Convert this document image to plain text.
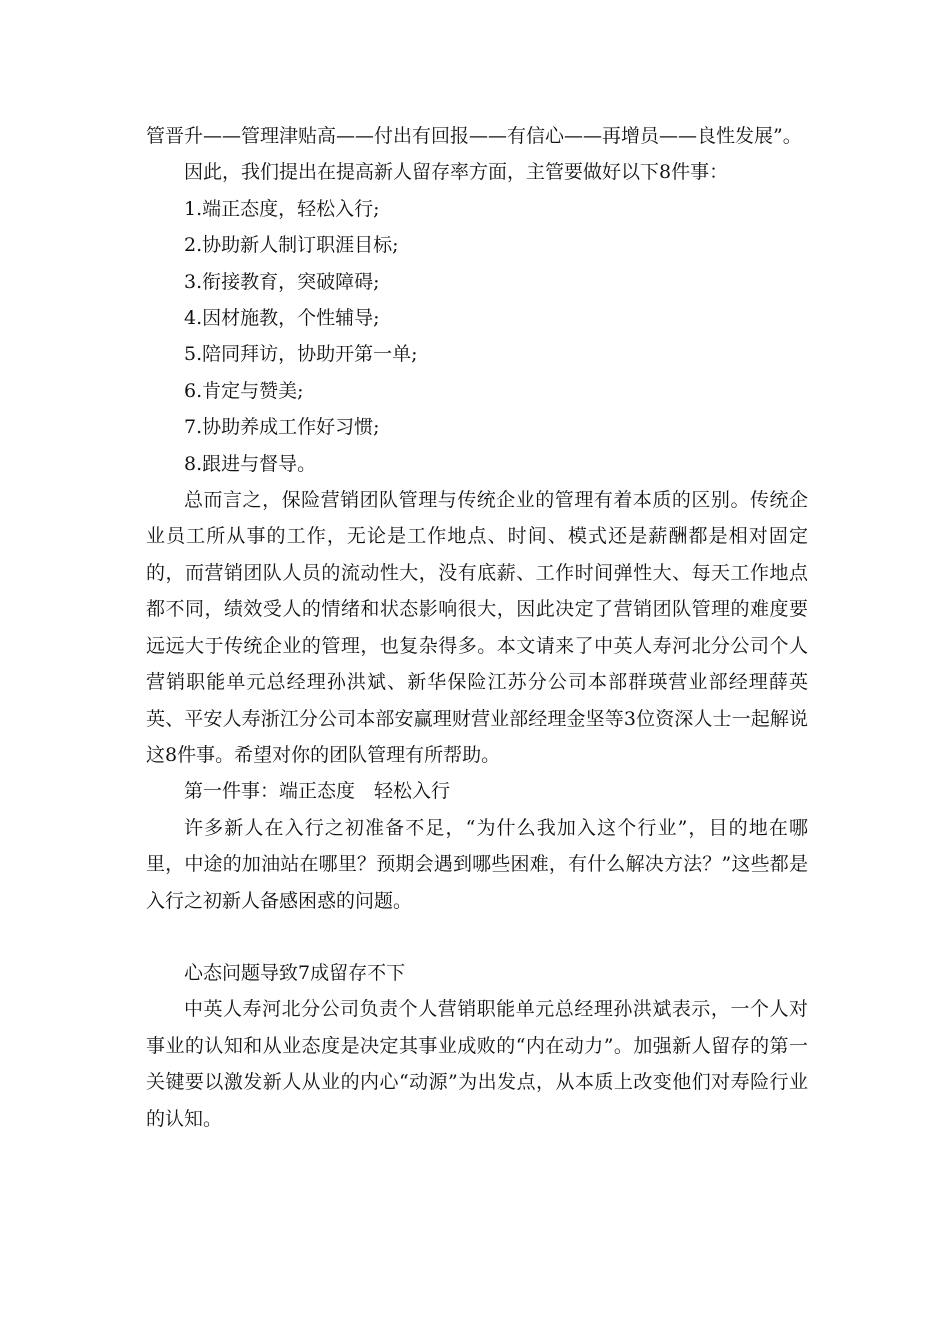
管晋升——管理津贴高——付出有回报——有信心——再增员——良性发展”。

因此，我们提出在提高新人留存率方面，主管要做好以下8件事：

1.端正态度，轻松入行;

2.协助新人制订职涯目标;

3.衔接教育，突破障碍;

4.因材施教，个性辅导;

5.陪同拜访，协助开第一单;

6.肯定与赞美;

7.协助养成工作好习惯;

8.跟进与督导。

总而言之，保险营销团队管理与传统企业的管理有着本质的区别。传统企业员工所从事的工作，无论是工作地点、时间、模式还是薪酬都是相对固定的，而营销团队人员的流动性大，没有底薪、工作时间弹性大、每天工作地点都不同，绩效受人的情绪和状态影响很大，因此决定了营销团队管理的难度要远远大于传统企业的管理，也复杂得多。本文请来了中英人寿河北分公司个人营销职能单元总经理孙洪斌、新华保险江苏分公司本部群瑛营业部经理薛英英、平安人寿浙江分公司本部安赢理财营业部经理金坚等3位资深人士一起解说这8件事。希望对你的团队管理有所帮助。

第一件事：端正态度　轻松入行

许多新人在入行之初准备不足，“为什么我加入这个行业”，目的地在哪里，中途的加油站在哪里？预期会遇到哪些困难，有什么解决方法？”这些都是入行之初新人备感困惑的问题。

心态问题导致7成留存不下

中英人寿河北分公司负责个人营销职能单元总经理孙洪斌表示，一个人对事业的认知和从业态度是决定其事业成败的“内在动力”。加强新人留存的第一关键要以激发新人从业的内心“动源”为出发点，从本质上改变他们对寿险行业的认知。
